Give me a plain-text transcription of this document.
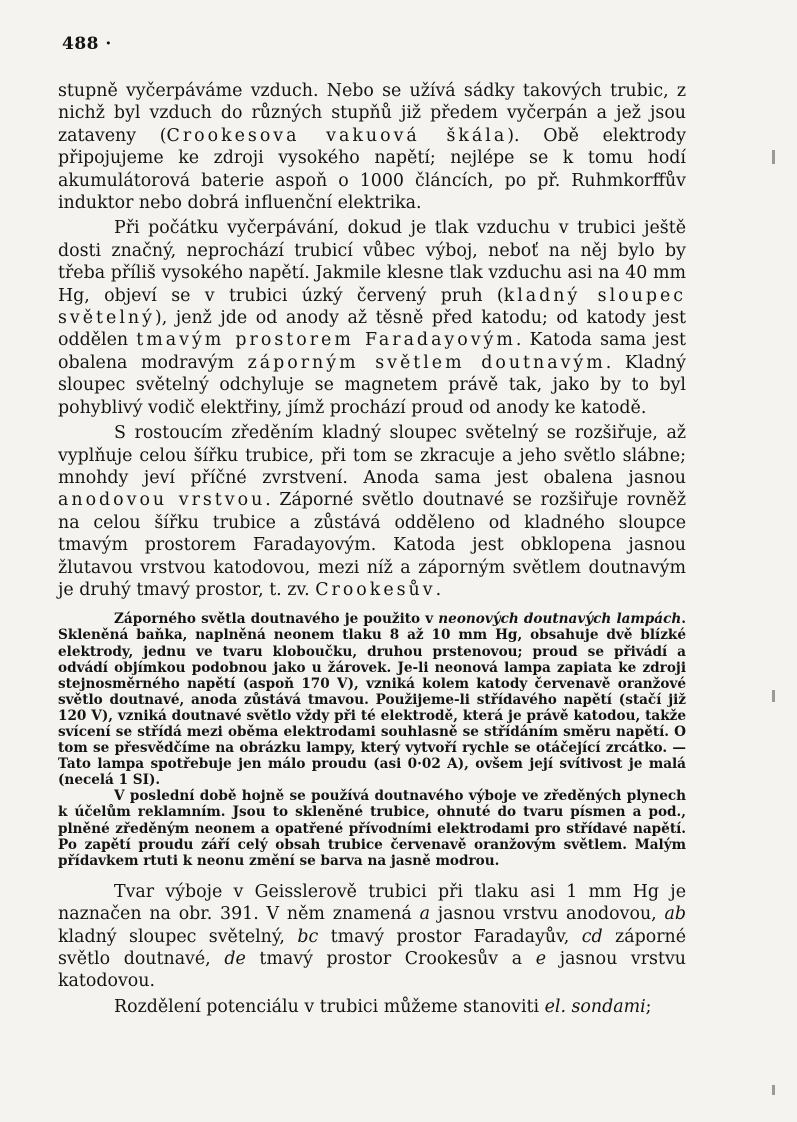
488 ·

stupně vyčerpáváme vzduch. Nebo se užívá sádky takových trubic, z nichž byl vzduch do různých stupňů již předem vyčerpán a jež jsou zataveny (Crookesova vakuová škála). Obě elektrody připojujeme ke zdroji vysokého napětí; nejlépe se k tomu hodí akumulátorová baterie aspoň o 1000 článcích, po př. Ruhmkorffův induktor nebo dobrá influenční elektrika.

Při počátku vyčerpávání, dokud je tlak vzduchu v trubici ještě dosti značný, neprochází trubicí vůbec výboj, neboť na něj bylo by třeba příliš vysokého napětí. Jakmile klesne tlak vzduchu asi na 40 mm Hg, objeví se v trubici úzký červený pruh (kladný sloupec světelný), jenž jde od anody až těsně před katodu; od katody jest oddělen tmavým prostorem Faradayovým. Katoda sama jest obalena modravým záporným světlem doutnavým. Kladný sloupec světelný odchyluje se magnetem právě tak, jako by to byl pohyblivý vodič elektřiny, jímž prochází proud od anody ke katodě.

S rostoucím zředěním kladný sloupec světelný se rozšiřuje, až vyplňuje celou šířku trubice, při tom se zkracuje a jeho světlo slábne; mnohdy jeví příčné zvrstvení. Anoda sama jest obalena jasnou anodovou vrstvou. Záporné světlo doutnavé se rozšiřuje rovněž na celou šířku trubice a zůstává odděleno od kladného sloupce tmavým prostorem Faradayovým. Katoda jest obklopena jasnou žlutavou vrstvou katodovou, mezi níž a záporným světlem doutnavým je druhý tmavý prostor, t. zv. Crookesův.

Záporného světla doutnavého je použito v neonových doutnavých lampách. Skleněná baňka, naplněná neonem tlaku 8 až 10 mm Hg, obsahuje dvě blízké elektrody, jednu ve tvaru kloboučku, druhou prstenovou; proud se přivádí a odvádí objímkou podobnou jako u žárovek. Je-li neonová lampa zapiata ke zdroji stejnosměrného napětí (aspoň 170 V), vzniká kolem katody červenavě oranžové světlo doutnavé, anoda zůstává tmavou. Použijeme-li střídavého napětí (stačí již 120 V), vzniká doutnavé světlo vždy při té elektrodě, která je právě katodou, takže svícení se střídá mezi oběma elektrodami souhlasně se střídáním směru napětí. O tom se přesvědčíme na obrázku lampy, který vytvoří rychle se otáčející zrcátko. — Tato lampa spotřebuje jen málo proudu (asi 0·02 A), ovšem její svítivost je malá (necelá 1 SI).

V poslední době hojně se používá doutnavého výboje ve zředěných plynech k účelům reklamním. Jsou to skleněné trubice, ohnuté do tvaru písmen a pod., plněné zředěným neonem a opatřené přívodními elektrodami pro střídavé napětí. Po zapětí proudu září celý obsah trubice červenavě oranžovým světlem. Malým přídavkem rtuti k neonu změní se barva na jasně modrou.

Tvar výboje v Geisslerově trubici při tlaku asi 1 mm Hg je naznačen na obr. 391. V něm znamená a jasnou vrstvu anodovou, ab kladný sloupec světelný, bc tmavý prostor Faradayův, cd záporné světlo doutnavé, de tmavý prostor Crookesův a e jasnou vrstvu katodovou.

Rozdělení potenciálu v trubici můžeme stanoviti el. sondami;
